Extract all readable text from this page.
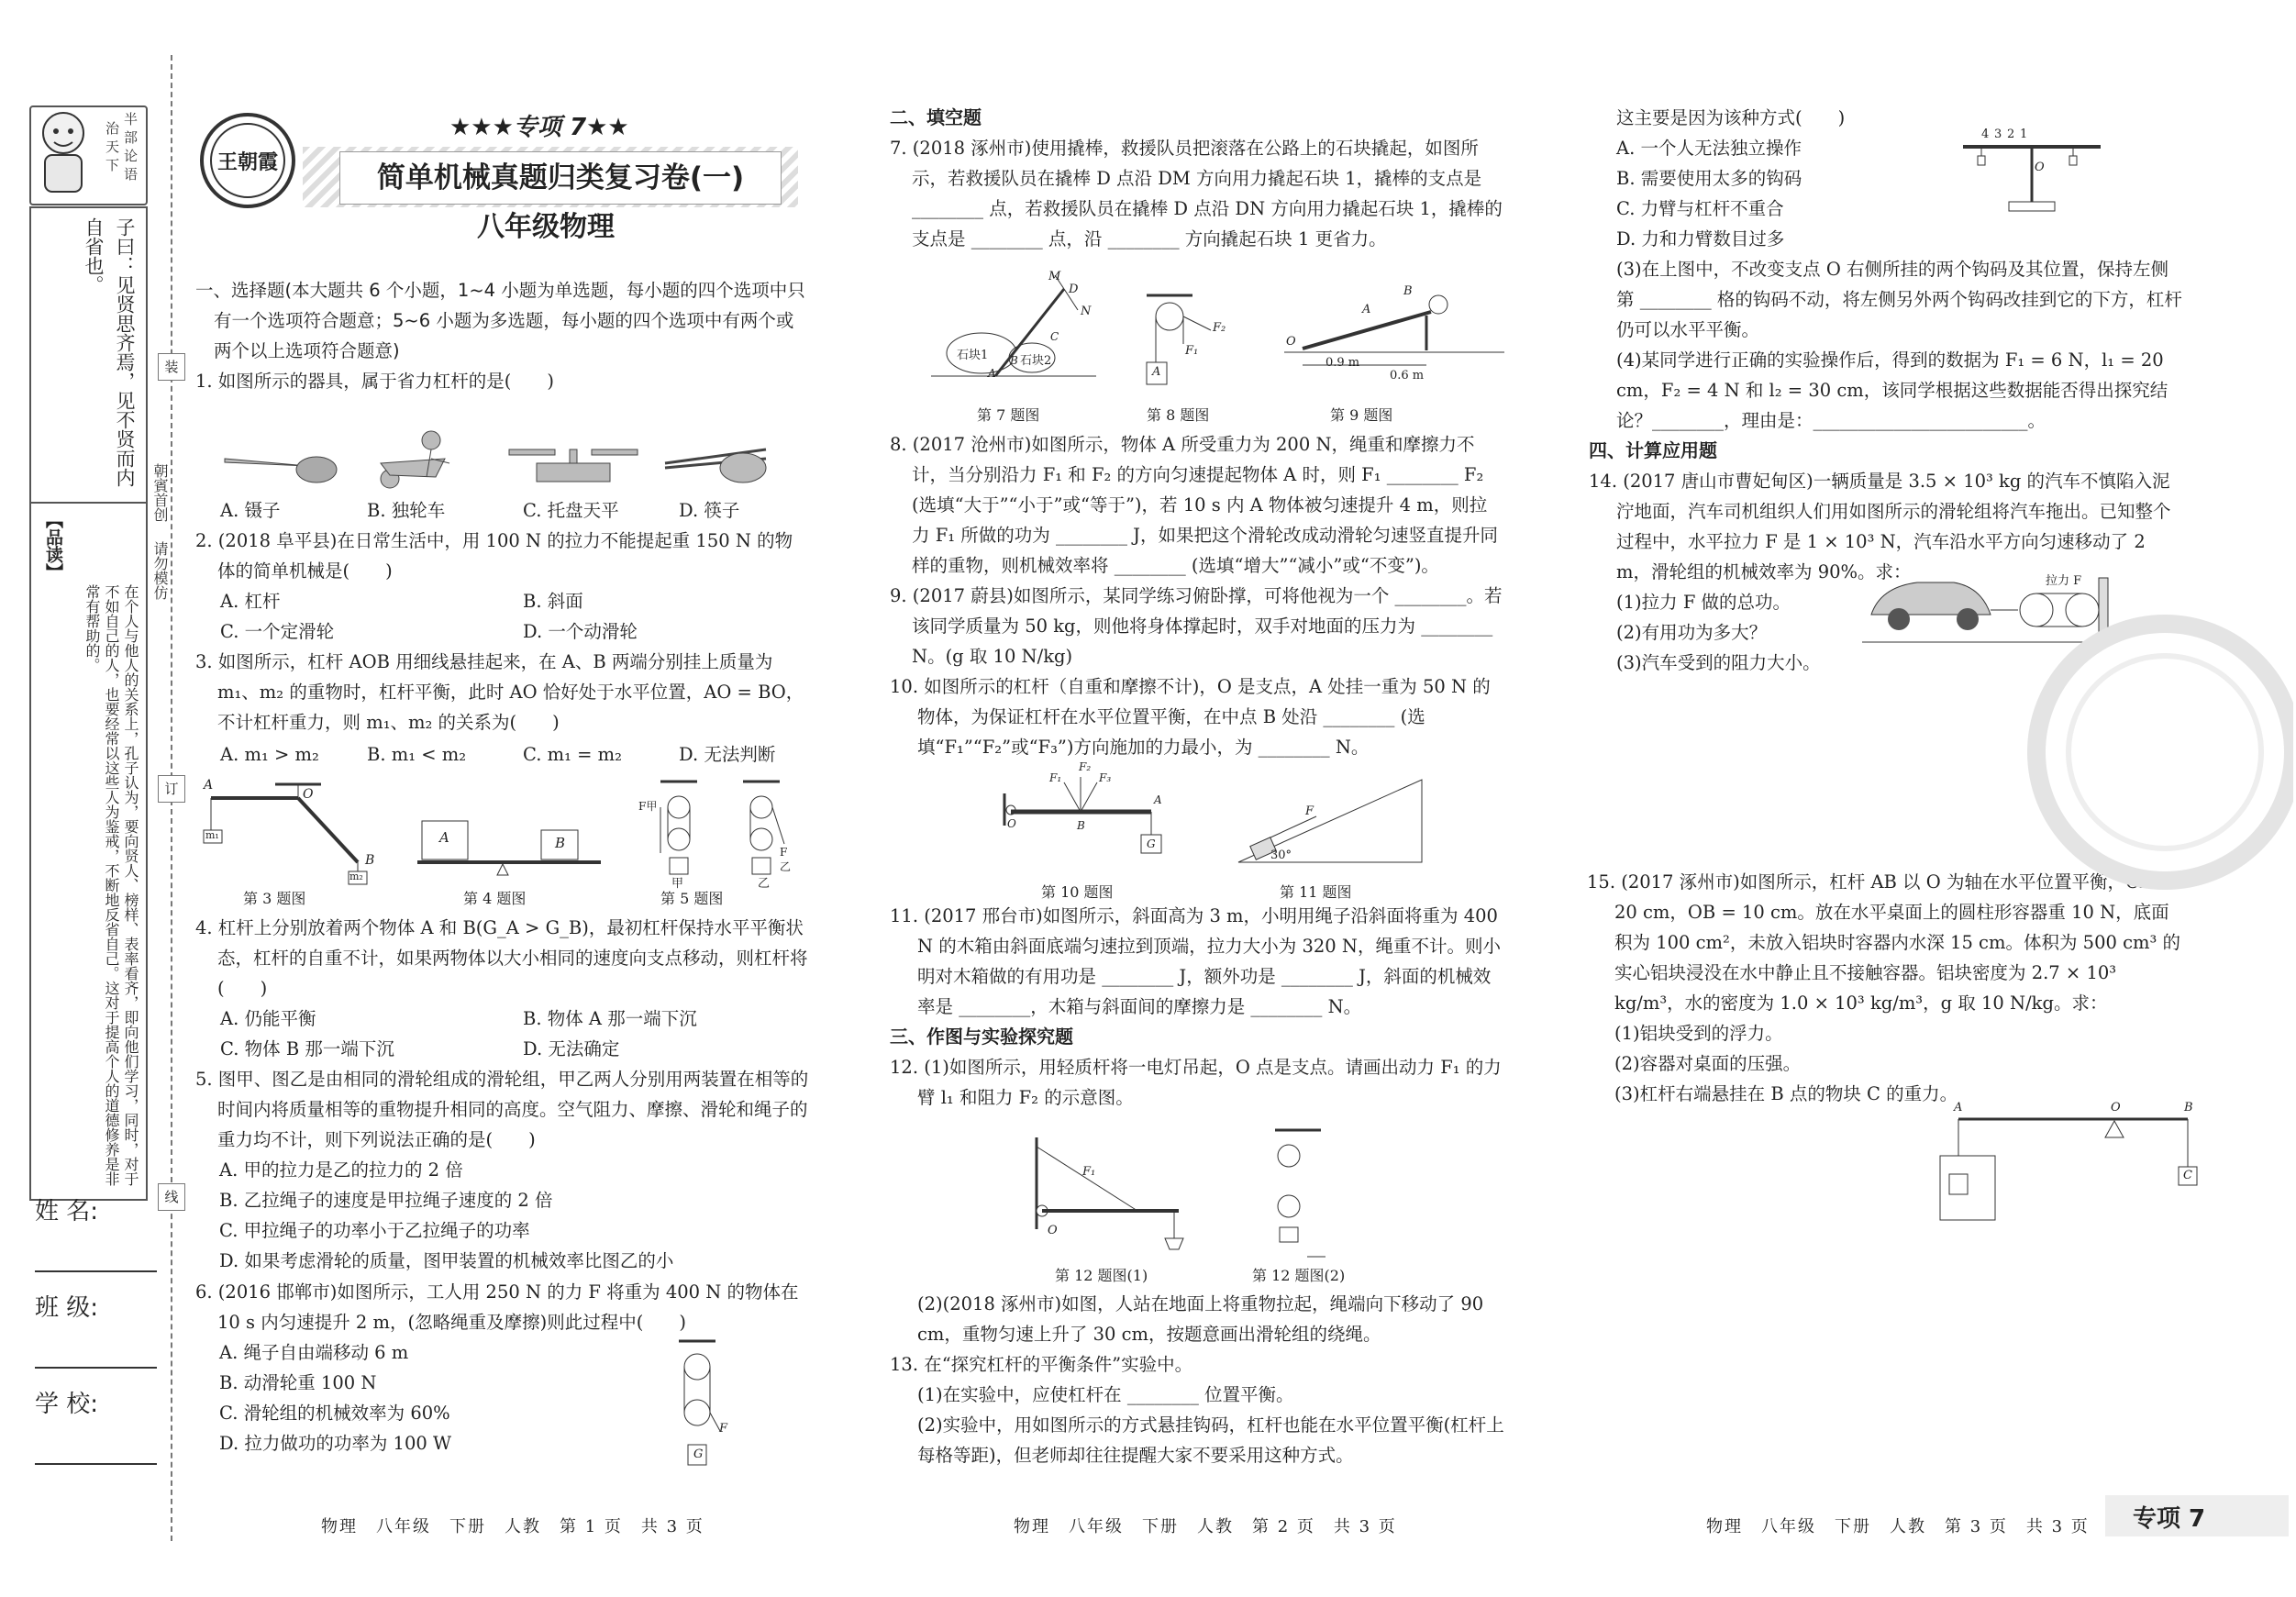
半
部
论
语
治
天
下
子曰：见贤思齐焉，见不贤而内自省也。
【品读】
在个人与他人的关系上，孔子认为，要向贤人、榜样、表率看齐，即向他们学习，同时，对于不如自己的人，也要经常以这些人为鉴戒，不断地反省自己。这对于提高个人的道德修养是非常有帮助的。
朝賓首创
请勿模仿
姓 名:
班 级:
学 校:
装
订
线
王朝霞
★★★专项 7★★
简单机械真题归类复习卷(一)
八年级物理

一、选择题(本大题共 6 个小题，1~4 小题为单选题，每小题的四个选项中只有一个选项符合题意；5~6 小题为多选题，每小题的四个选项中有两个或两个以上选项符合题意)

1. 如图所示的器具，属于省力杠杆的是(　　)

A. 镊子	B. 独轮车	C. 托盘天平	D. 筷子

2. (2018 阜平县)在日常生活中，用 100 N 的拉力不能提起重 150 N 的物体的简单机械是(　　)

A. 杠杆	B. 斜面
C. 一个定滑轮	D. 一个动滑轮

3. 如图所示，杠杆 AOB 用细线悬挂起来，在 A、B 两端分别挂上质量为 m₁、m₂ 的重物时，杠杆平衡，此时 AO 恰好处于水平位置，AO = BO，不计杠杆重力，则 m₁、m₂ 的关系为(　　)

A. m₁ > m₂	B. m₁ < m₂	C. m₁ = m₂	D. 无法判断
A
O
B
m₁
m₂
A	B
F甲
F乙
甲	乙
第 3 题图	第 4 题图	第 5 题图

4. 杠杆上分别放着两个物体 A 和 B(G_A > G_B)，最初杠杆保持水平平衡状态，杠杆的自重不计，如果两物体以大小相同的速度向支点移动，则杠杆将(　　)

A. 仍能平衡	B. 物体 A 那一端下沉
C. 物体 B 那一端下沉	D. 无法确定

5. 图甲、图乙是由相同的滑轮组成的滑轮组，甲乙两人分别用两装置在相等的时间内将质量相等的重物提升相同的高度。空气阻力、摩擦、滑轮和绳子的重力均不计，则下列说法正确的是(　　)

A. 甲的拉力是乙的拉力的 2 倍

B. 乙拉绳子的速度是甲拉绳子速度的 2 倍

C. 甲拉绳子的功率小于乙拉绳子的功率

D. 如果考虑滑轮的质量，图甲装置的机械效率比图乙的小

6. (2016 邯郸市)如图所示，工人用 250 N 的力 F 将重为 400 N 的物体在 10 s 内匀速提升 2 m，(忽略绳重及摩擦)则此过程中(　　)

A. 绳子自由端移动 6 m

B. 动滑轮重 100 N

C. 滑轮组的机械效率为 60%

D. 拉力做功的功率为 100 W

F
G

二、填空题

7. (2018 涿州市)使用撬棒，救援队员把滚落在公路上的石块撬起，如图所示，若救援队员在撬棒 D 点沿 DM 方向用力撬起石块 1，撬棒的支点是 ________ 点，若救援队员在撬棒 D 点沿 DN 方向用力撬起石块 1，撬棒的支点是 ________ 点，沿 ________ 方向撬起石块 1 更省力。

M
D
N
石块1	石块2
A
B
C
F₂
F₁
A
B
A
O
0.9 m
0.6 m
第 7 题图	第 8 题图	第 9 题图

8. (2017 沧州市)如图所示，物体 A 所受重力为 200 N，绳重和摩擦力不计，当分别沿力 F₁ 和 F₂ 的方向匀速提起物体 A 时，则 F₁ ________ F₂ (选填“大于”“小于”或“等于”)，若 10 s 内 A 物体被匀速提升 4 m，则拉力 F₁ 所做的功为 ________ J，如果把这个滑轮改成动滑轮匀速竖直提升同样的重物，则机械效率将 ________ (选填“增大”“减小”或“不变”)。

9. (2017 蔚县)如图所示，某同学练习俯卧撑，可将他视为一个 ________。若该同学质量为 50 kg，则他将身体撑起时，双手对地面的压力为 ________ N。(g 取 10 N/kg)

10. 如图所示的杠杆（自重和摩擦不计)，O 是支点，A 处挂一重为 50 N 的物体，为保证杠杆在水平位置平衡，在中点 B 处沿 ________ (选填“F₁”“F₂”或“F₃”)方向施加的力最小，为 ________ N。

F₂
F₁	F₃
O	B
A
G
F
30°
第 10 题图	第 11 题图

11. (2017 邢台市)如图所示，斜面高为 3 m，小明用绳子沿斜面将重为 400 N 的木箱由斜面底端匀速拉到顶端，拉力大小为 320 N，绳重不计。则小明对木箱做的有用功是 ________ J，额外功是 ________ J，斜面的机械效率是 ________，木箱与斜面间的摩擦力是 ________ N。

三、作图与实验探究题

12. (1)如图所示，用轻质杆将一电灯吊起，O 点是支点。请画出动力 F₁ 的力臂 l₁ 和阻力 F₂ 的示意图。

F₁
O
第 12 题图(1)	第 12 题图(2)

(2)(2018 涿州市)如图，人站在地面上将重物拉起，绳端向下移动了 90 cm，重物匀速上升了 30 cm，按题意画出滑轮组的绕绳。

13. 在“探究杠杆的平衡条件”实验中。

(1)在实验中，应使杠杆在 ________ 位置平衡。

(2)实验中，用如图所示的方式悬挂钩码，杠杆也能在水平位置平衡(杠杆上每格等距)，但老师却往往提醒大家不要采用这种方式。

这主要是因为该种方式(　　)

A. 一个人无法独立操作

B. 需要使用太多的钩码

C. 力臂与杠杆不重合

D. 力和力臂数目过多

4 3 2 1
O

(3)在上图中，不改变支点 O 右侧所挂的两个钩码及其位置，保持左侧第 ________ 格的钩码不动，将左侧另外两个钩码改挂到它的下方，杠杆仍可以水平平衡。

(4)某同学进行正确的实验操作后，得到的数据为 F₁ = 6 N，l₁ = 20 cm，F₂ = 4 N 和 l₂ = 30 cm，该同学根据这些数据能否得出探究结论？________，理由是：________________________。

四、计算应用题

14. (2017 唐山市曹妃甸区)一辆质量是 3.5 × 10³ kg 的汽车不慎陷入泥泞地面，汽车司机组织人们用如图所示的滑轮组将汽车拖出。已知整个过程中，水平拉力 F 是 1 × 10³ N，汽车沿水平方向匀速移动了 2 m，滑轮组的机械效率为 90%。求：

(1)拉力 F 做的总功。

(2)有用功为多大？

(3)汽车受到的阻力大小。

拉力 F

15. (2017 涿州市)如图所示，杠杆 AB 以 O 为轴在水平位置平衡，OA = 20 cm，OB = 10 cm。放在水平桌面上的圆柱形容器重 10 N，底面积为 100 cm²，未放入铝块时容器内水深 15 cm。体积为 500 cm³ 的实心铝块浸没在水中静止且不接触容器。铝块密度为 2.7 × 10³ kg/m³，水的密度为 1.0 × 10³ kg/m³，g 取 10 N/kg。求：

(1)铝块受到的浮力。

(2)容器对桌面的压强。

(3)杠杆右端悬挂在 B 点的物块 C 的重力。

A	O	B
C
物理　八年级　下册　人教　第 1 页　共 3 页	物理　八年级　下册　人教　第 2 页　共 3 页	物理　八年级　下册　人教　第 3 页　共 3 页 专项 7
